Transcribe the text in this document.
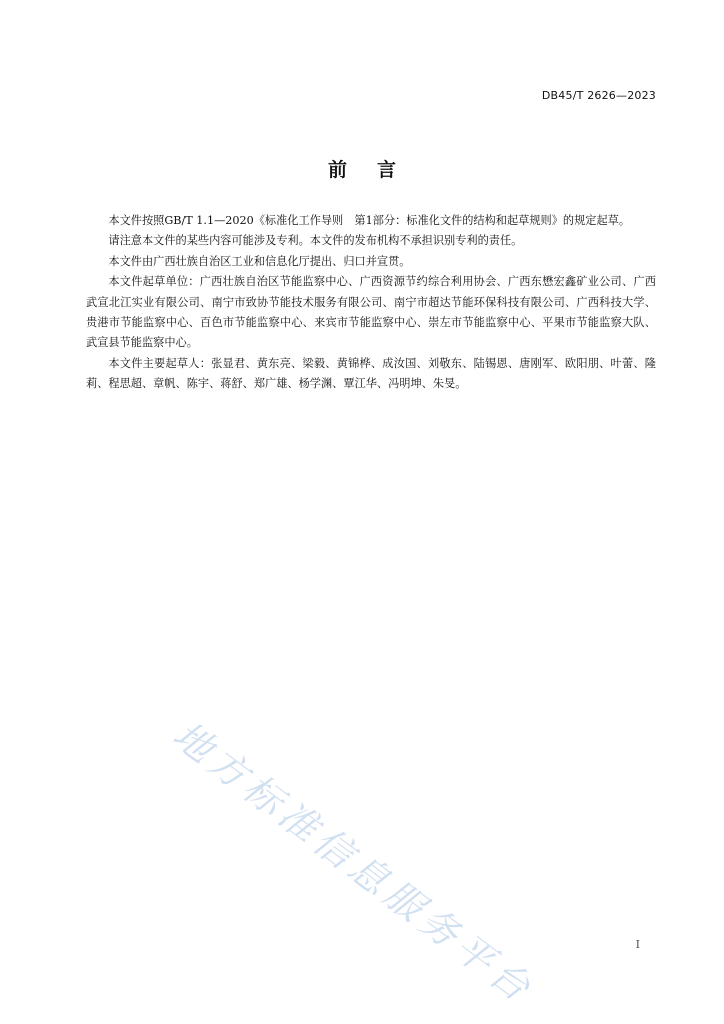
DB45/T 2626—2023
前 言

本文件按照GB/T 1.1—2020《标准化工作导则　第1部分：标准化文件的结构和起草规则》的规定起草。

请注意本文件的某些内容可能涉及专利。本文件的发布机构不承担识别专利的责任。

本文件由广西壮族自治区工业和信息化厅提出、归口并宣贯。

本文件起草单位：广西壮族自治区节能监察中心、广西资源节约综合利用协会、广西东懋宏鑫矿业公司、广西武宣北江实业有限公司、南宁市致协节能技术服务有限公司、南宁市超达节能环保科技有限公司、广西科技大学、贵港市节能监察中心、百色市节能监察中心、来宾市节能监察中心、崇左市节能监察中心、平果市节能监察大队、武宣县节能监察中心。

本文件主要起草人：张显君、黄东亮、梁毅、黄锦桦、成汝国、刘敬东、陆锡恩、唐刚军、欧阳朋、叶蕾、隆莉、程思超、章帆、陈宇、蒋舒、郑广雄、杨学渊、覃江华、冯明坤、朱旻。

地方标准信息服务平台	I
